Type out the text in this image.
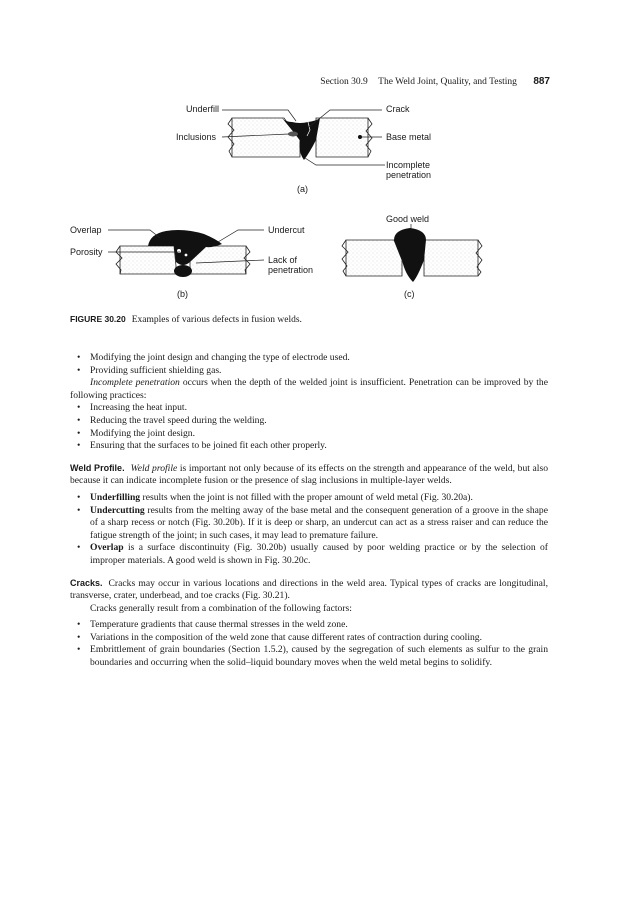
Section 30.9 The Weld Joint, Quality, and Testing 887
Underfill
Inclusions
Crack
Base metal
Incomplete
penetration
(a)
Overlap
Porosity
Undercut
Lack of
penetration
(b)
Good weld
(c)
FIGURE 30.20 Examples of various defects in fusion welds.
• Modifying the joint design and changing the type of electrode used.
• Providing sufficient shielding gas.

Incomplete penetration occurs when the depth of the welded joint is insufficient. Penetration can be improved by the following practices:

• Increasing the heat input.
• Reducing the travel speed during the welding.
• Modifying the joint design.
• Ensuring that the surfaces to be joined fit each other properly.

Weld Profile. Weld profile is important not only because of its effects on the strength and appearance of the weld, but also because it can indicate incomplete fusion or the presence of slag inclusions in multiple-layer welds.

• Underfilling results when the joint is not filled with the proper amount of weld metal (Fig. 30.20a).
• Undercutting results from the melting away of the base metal and the consequent generation of a groove in the shape of a sharp recess or notch (Fig. 30.20b). If it is deep or sharp, an undercut can act as a stress raiser and can reduce the fatigue strength of the joint; in such cases, it may lead to premature failure.
• Overlap is a surface discontinuity (Fig. 30.20b) usually caused by poor welding practice or by the selection of improper materials. A good weld is shown in Fig. 30.20c.

Cracks. Cracks may occur in various locations and directions in the weld area. Typical types of cracks are longitudinal, transverse, crater, underbead, and toe cracks (Fig. 30.21).

Cracks generally result from a combination of the following factors:

• Temperature gradients that cause thermal stresses in the weld zone.
• Variations in the composition of the weld zone that cause different rates of contraction during cooling.
• Embrittlement of grain boundaries (Section 1.5.2), caused by the segregation of such elements as sulfur to the grain boundaries and occurring when the solid–liquid boundary moves when the weld metal begins to solidify.
